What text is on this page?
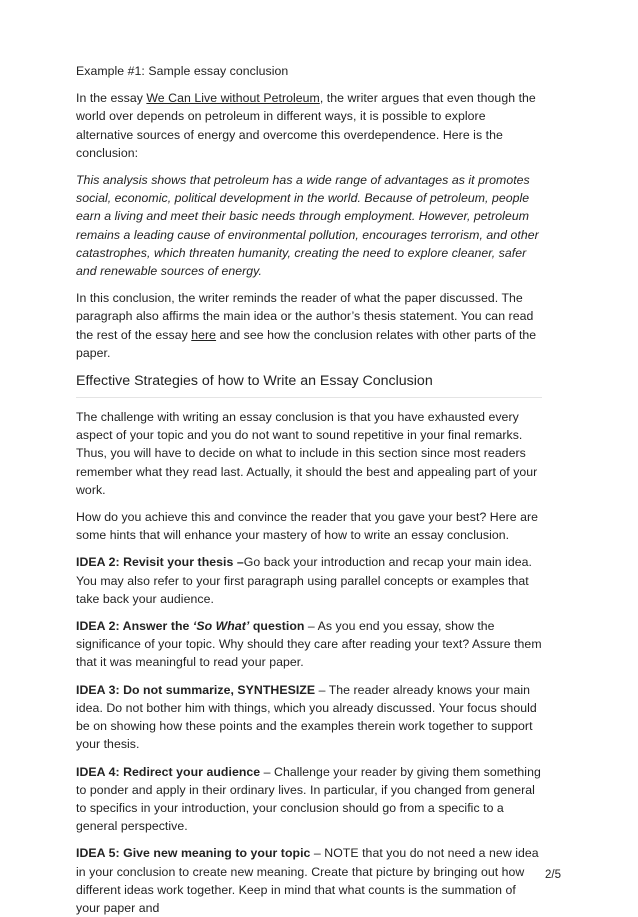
Example #1: Sample essay conclusion

In the essay We Can Live without Petroleum, the writer argues that even though the world over depends on petroleum in different ways, it is possible to explore alternative sources of energy and overcome this overdependence. Here is the conclusion:

This analysis shows that petroleum has a wide range of advantages as it promotes social, economic, political development in the world. Because of petroleum, people earn a living and meet their basic needs through employment. However, petroleum remains a leading cause of environmental pollution, encourages terrorism, and other catastrophes, which threaten humanity, creating the need to explore cleaner, safer and renewable sources of energy.

In this conclusion, the writer reminds the reader of what the paper discussed. The paragraph also affirms the main idea or the author’s thesis statement. You can read the rest of the essay here and see how the conclusion relates with other parts of the paper.

Effective Strategies of how to Write an Essay Conclusion

The challenge with writing an essay conclusion is that you have exhausted every aspect of your topic and you do not want to sound repetitive in your final remarks. Thus, you will have to decide on what to include in this section since most readers remember what they read last. Actually, it should the best and appealing part of your work.

How do you achieve this and convince the reader that you gave your best? Here are some hints that will enhance your mastery of how to write an essay conclusion.

IDEA 2: Revisit your thesis –Go back your introduction and recap your main idea. You may also refer to your first paragraph using parallel concepts or examples that take back your audience.

IDEA 2: Answer the ‘So What’ question – As you end you essay, show the significance of your topic. Why should they care after reading your text? Assure them that it was meaningful to read your paper.

IDEA 3: Do not summarize, SYNTHESIZE – The reader already knows your main idea. Do not bother him with things, which you already discussed. Your focus should be on showing how these points and the examples therein work together to support your thesis.

IDEA 4: Redirect your audience – Challenge your reader by giving them something to ponder and apply in their ordinary lives. In particular, if you changed from general to specifics in your introduction, your conclusion should go from a specific to a general perspective.

IDEA 5: Give new meaning to your topic – NOTE that you do not need a new idea in your conclusion to create new meaning. Create that picture by bringing out how different ideas work together. Keep in mind that what counts is the summation of your paper and

2/5
